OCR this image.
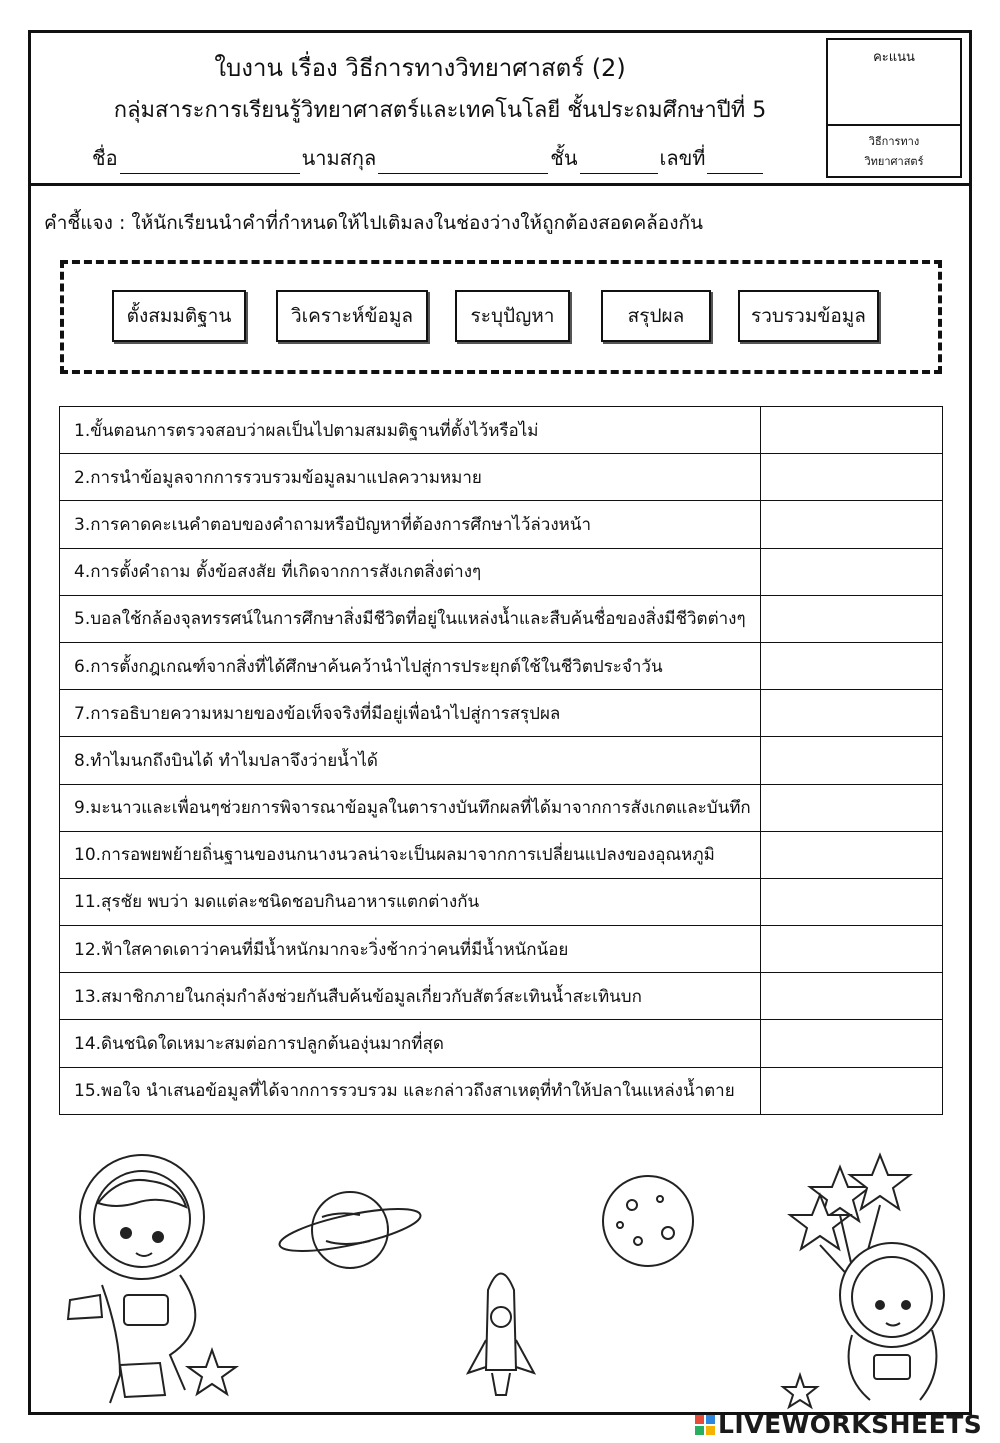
ใบงาน เรื่อง วิธีการทางวิทยาศาสตร์ (2)
กลุ่มสาระการเรียนรู้วิทยาศาสตร์และเทคโนโลยี ชั้นประถมศึกษาปีที่ 5
ชื่อ	นามสกุล	ชั้น	เลขที่
คะแนน
วิธีการทาง
วิทยาศาสตร์
คำชี้แจง : ให้นักเรียนนำคำที่กำหนดให้ไปเติมลงในช่องว่างให้ถูกต้องสอดคล้องกัน
ตั้งสมมติฐาน	วิเคราะห์ข้อมูล	ระบุปัญหา	สรุปผล	รวบรวมข้อมูล
1.ขั้นตอนการตรวจสอบว่าผลเป็นไปตามสมมติฐานที่ตั้งไว้หรือไม่	
2.การนำข้อมูลจากการรวบรวมข้อมูลมาแปลความหมาย	
3.การคาดคะเนคำตอบของคำถามหรือปัญหาที่ต้องการศึกษาไว้ล่วงหน้า	
4.การตั้งคำถาม ตั้งข้อสงสัย ที่เกิดจากการสังเกตสิ่งต่างๆ	
5.บอลใช้กล้องจุลทรรศน์ในการศึกษาสิ่งมีชีวิตที่อยู่ในแหล่งน้ำและสืบค้นชื่อของสิ่งมีชีวิตต่างๆ	
6.การตั้งกฎเกณฑ์จากสิ่งที่ได้ศึกษาค้นคว้านำไปสู่การประยุกต์ใช้ในชีวิตประจำวัน	
7.การอธิบายความหมายของข้อเท็จจริงที่มีอยู่เพื่อนำไปสู่การสรุปผล	
8.ทำไมนกถึงบินได้ ทำไมปลาจึงว่ายน้ำได้	
9.มะนาวและเพื่อนๆช่วยการพิจารณาข้อมูลในตารางบันทึกผลที่ได้มาจากการสังเกตและบันทึก	
10.การอพยพย้ายถิ่นฐานของนกนางนวลน่าจะเป็นผลมาจากการเปลี่ยนแปลงของอุณหภูมิ	
11.สุรชัย พบว่า มดแต่ละชนิดชอบกินอาหารแตกต่างกัน	
12.ฟ้าใสคาดเดาว่าคนที่มีน้ำหนักมากจะวิ่งช้ากว่าคนที่มีน้ำหนักน้อย	
13.สมาชิกภายในกลุ่มกำลังช่วยกันสืบค้นข้อมูลเกี่ยวกับสัตว์สะเทินน้ำสะเทินบก	
14.ดินชนิดใดเหมาะสมต่อการปลูกต้นองุ่นมากที่สุด	
15.พอใจ นำเสนอข้อมูลที่ได้จากการรวบรวม และกล่าวถึงสาเหตุที่ทำให้ปลาในแหล่งน้ำตาย	
LIVEWORKSHEETS
